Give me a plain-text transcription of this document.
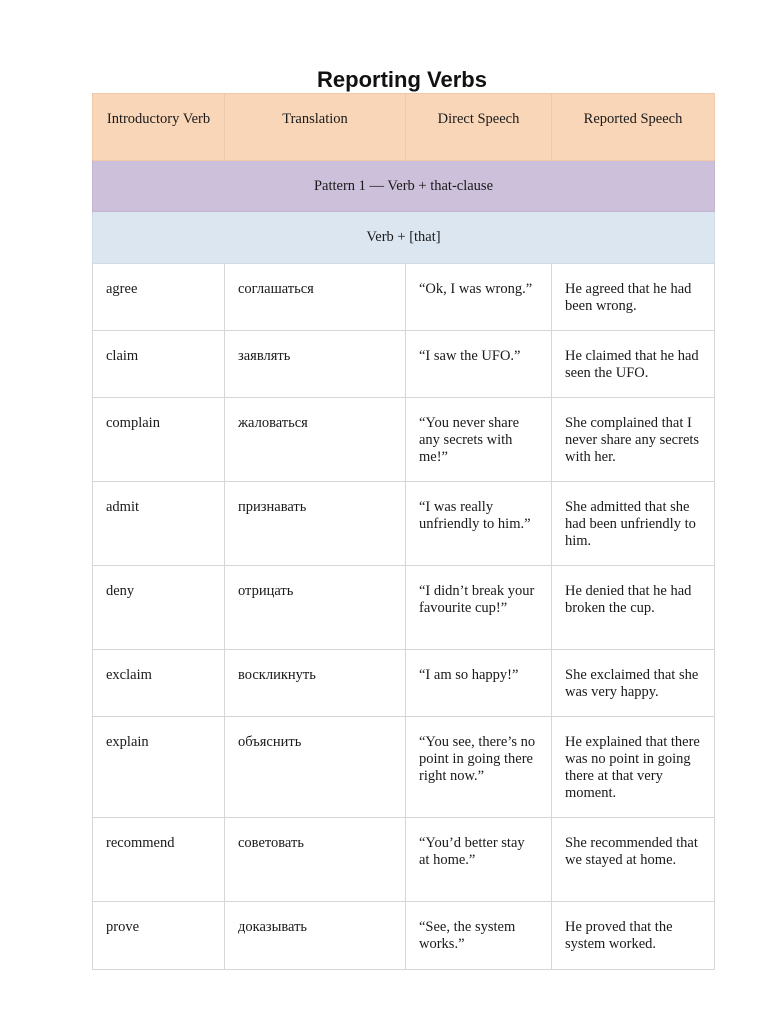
Reporting Verbs
Introductory Verb	Translation	Direct Speech	Reported Speech

Pattern 1 — Verb + that-clause			
Verb + [that]			
agree	соглашаться	“Ok, I was wrong.”	He agreed that he had been wrong.
claim	заявлять	“I saw the UFO.”	He claimed that he had seen the UFO.
complain	жаловаться	“You never share any secrets with me!”	She complained that I never share any secrets with her.
admit	признавать	“I was really unfriendly to him.”	She admitted that she had been unfriendly to him.
deny	отрицать	“I didn’t break your favourite cup!”	He denied that he had broken the cup.
exclaim	воскликнуть	“I am so happy!”	She exclaimed that she was very happy.
explain	объяснить	“You see, there’s no point in going there right now.”	He explained that there was no point in going there at that very moment.
recommend	советовать	“You’d better stay at home.”	She recommended that we stayed at home.
prove	доказывать	“See, the system works.”	He proved that the system worked.
